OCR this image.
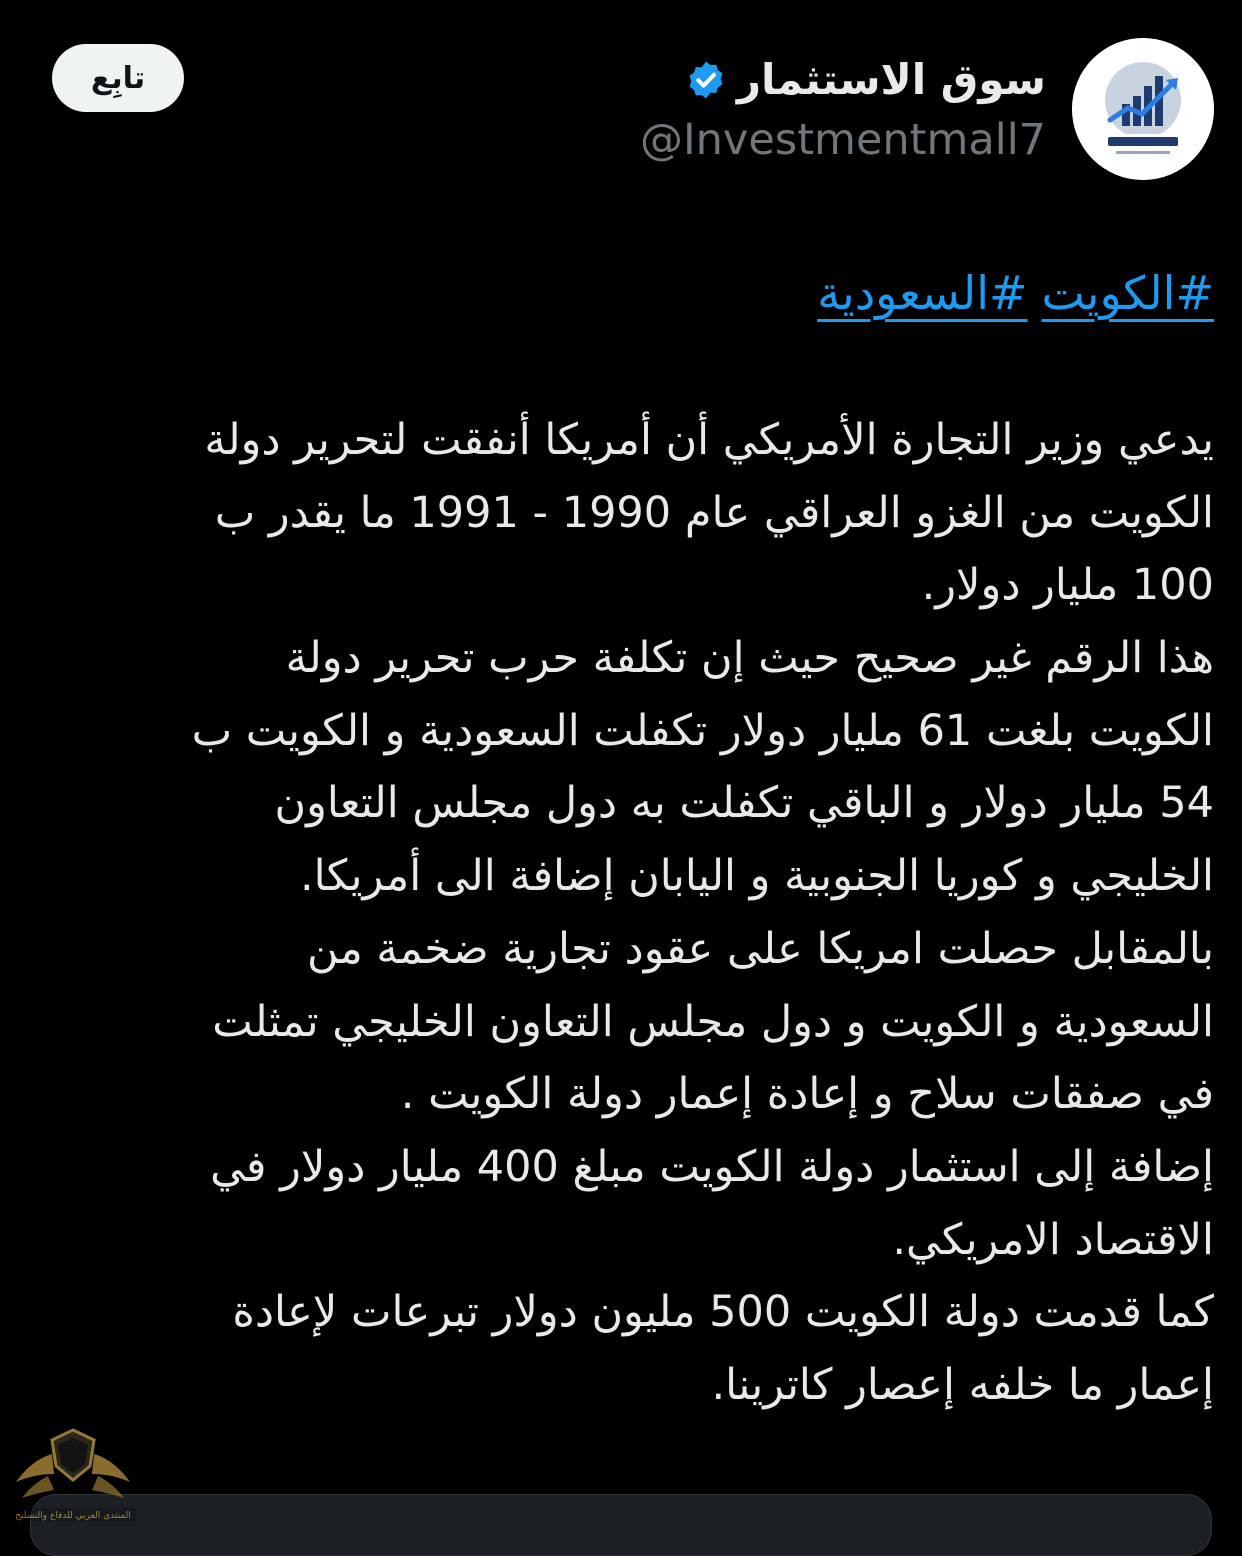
سوق الاستثمار
@Investmentmall7
تابِع
#السعودية #الكويت
يدعي وزير التجارة الأمريكي أن أمريكا أنفقت لتحرير دولة
الكويت من الغزو العراقي عام 1990 - 1991 ما يقدر ب
100 مليار دولار.
هذا الرقم غير صحيح حيث إن تكلفة حرب تحرير دولة
الكويت بلغت 61 مليار دولار تكفلت السعودية و الكويت ب
54 مليار دولار و الباقي تكفلت به دول مجلس التعاون
الخليجي و كوريا الجنوبية و اليابان إضافة الى أمريكا.
بالمقابل حصلت امريكا على عقود تجارية ضخمة من
السعودية و الكويت و دول مجلس التعاون الخليجي تمثلت
في صفقات سلاح و إعادة إعمار دولة الكويت .
إضافة إلى استثمار دولة الكويت مبلغ 400 مليار دولار في
الاقتصاد الامريكي.
كما قدمت دولة الكويت 500 مليون دولار تبرعات لإعادة
إعمار ما خلفه إعصار كاترينا.
المنتدى العربي للدفاع والتسليح
